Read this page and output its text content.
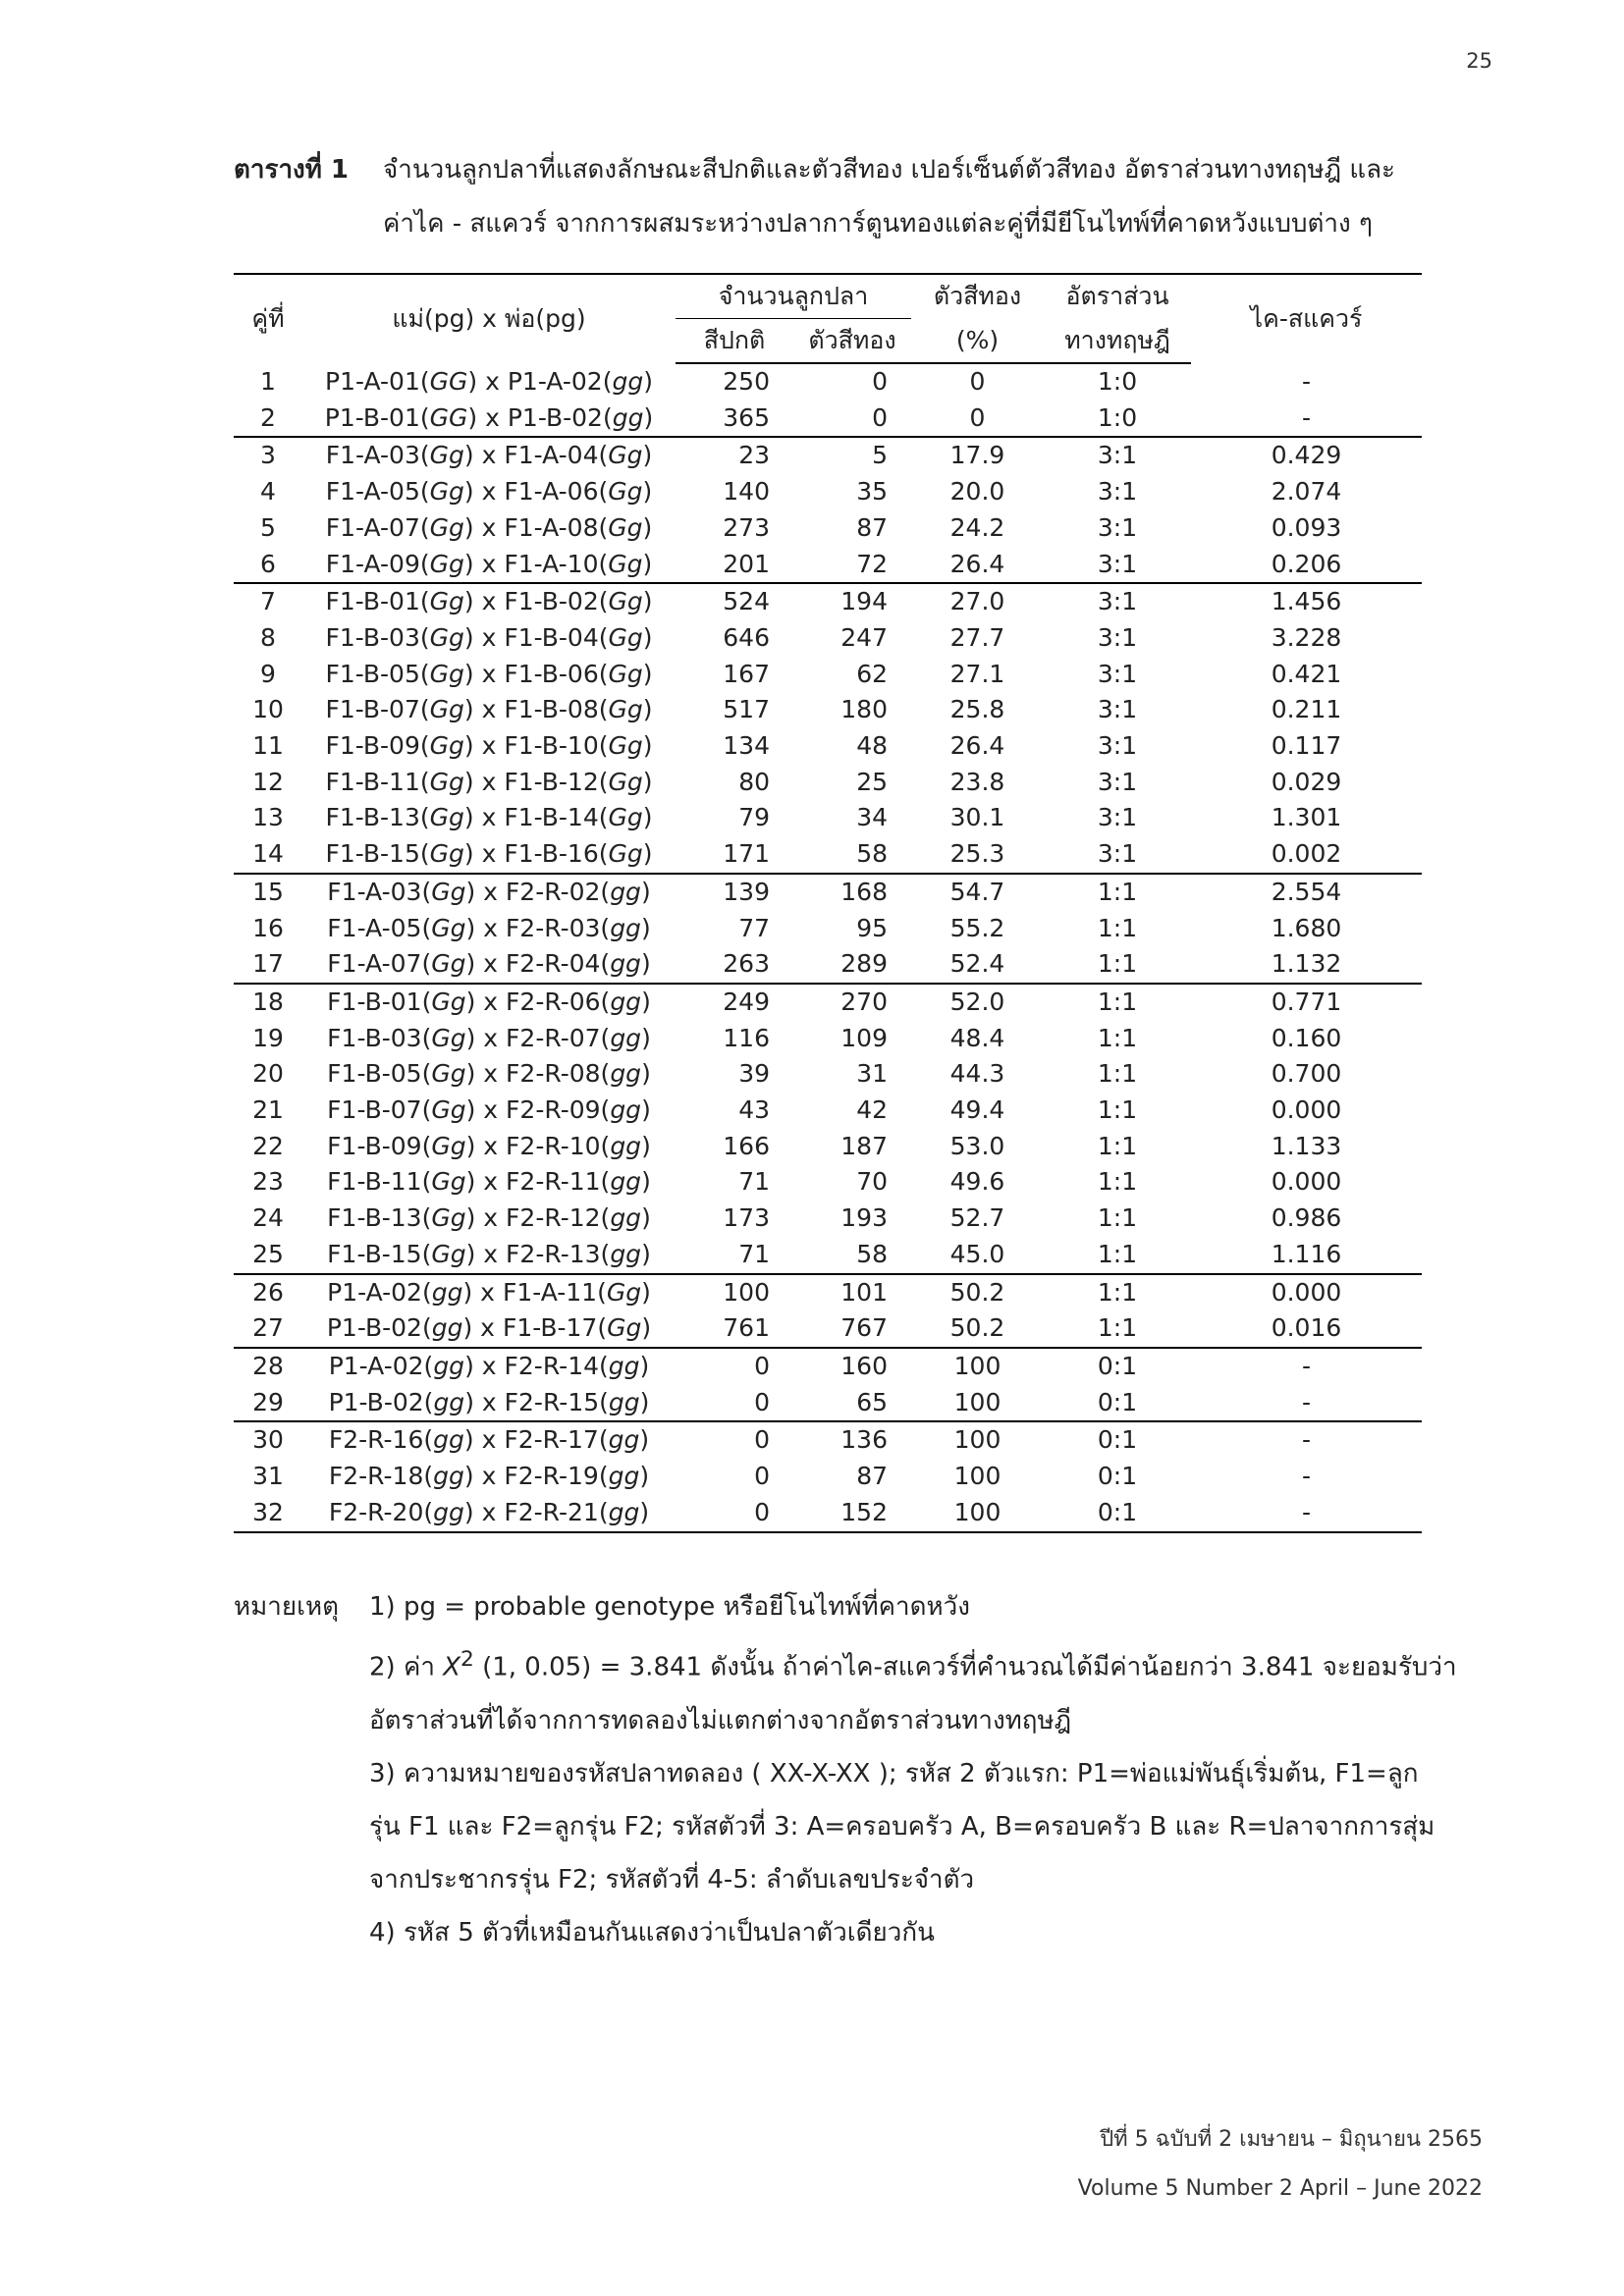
25
ตารางที่ 1 จำนวนลูกปลาที่แสดงลักษณะสีปกติและตัวสีทอง เปอร์เซ็นต์ตัวสีทอง อัตราส่วนทางทฤษฎี และ
ค่าไค - สแควร์ จากการผสมระหว่างปลาการ์ตูนทองแต่ละคู่ที่มียีโนไทพ์ที่คาดหวังแบบต่าง ๆ
คู่ที่	แม่(pg) x พ่อ(pg)	จำนวนลูกปลา		ตัวสีทอง	อัตราส่วน	ไค-สแควร์
		สีปกติ	ตัวสีทอง	(%)	ทางทฤษฎี	
1	P1-A-01(GG) x P1-A-02(gg)	250	0	0	1:0	-
2	P1-B-01(GG) x P1-B-02(gg)	365	0	0	1:0	-
3	F1-A-03(Gg) x F1-A-04(Gg)	23	5	17.9	3:1	0.429
4	F1-A-05(Gg) x F1-A-06(Gg)	140	35	20.0	3:1	2.074
5	F1-A-07(Gg) x F1-A-08(Gg)	273	87	24.2	3:1	0.093
6	F1-A-09(Gg) x F1-A-10(Gg)	201	72	26.4	3:1	0.206
7	F1-B-01(Gg) x F1-B-02(Gg)	524	194	27.0	3:1	1.456
8	F1-B-03(Gg) x F1-B-04(Gg)	646	247	27.7	3:1	3.228
9	F1-B-05(Gg) x F1-B-06(Gg)	167	62	27.1	3:1	0.421
10	F1-B-07(Gg) x F1-B-08(Gg)	517	180	25.8	3:1	0.211
11	F1-B-09(Gg) x F1-B-10(Gg)	134	48	26.4	3:1	0.117
12	F1-B-11(Gg) x F1-B-12(Gg)	80	25	23.8	3:1	0.029
13	F1-B-13(Gg) x F1-B-14(Gg)	79	34	30.1	3:1	1.301
14	F1-B-15(Gg) x F1-B-16(Gg)	171	58	25.3	3:1	0.002
15	F1-A-03(Gg) x F2-R-02(gg)	139	168	54.7	1:1	2.554
16	F1-A-05(Gg) x F2-R-03(gg)	77	95	55.2	1:1	1.680
17	F1-A-07(Gg) x F2-R-04(gg)	263	289	52.4	1:1	1.132
18	F1-B-01(Gg) x F2-R-06(gg)	249	270	52.0	1:1	0.771
19	F1-B-03(Gg) x F2-R-07(gg)	116	109	48.4	1:1	0.160
20	F1-B-05(Gg) x F2-R-08(gg)	39	31	44.3	1:1	0.700
21	F1-B-07(Gg) x F2-R-09(gg)	43	42	49.4	1:1	0.000
22	F1-B-09(Gg) x F2-R-10(gg)	166	187	53.0	1:1	1.133
23	F1-B-11(Gg) x F2-R-11(gg)	71	70	49.6	1:1	0.000
24	F1-B-13(Gg) x F2-R-12(gg)	173	193	52.7	1:1	0.986
25	F1-B-15(Gg) x F2-R-13(gg)	71	58	45.0	1:1	1.116
26	P1-A-02(gg) x F1-A-11(Gg)	100	101	50.2	1:1	0.000
27	P1-B-02(gg) x F1-B-17(Gg)	761	767	50.2	1:1	0.016
28	P1-A-02(gg) x F2-R-14(gg)	0	160	100	0:1	-
29	P1-B-02(gg) x F2-R-15(gg)	0	65	100	0:1	-
30	F2-R-16(gg) x F2-R-17(gg)	0	136	100	0:1	-
31	F2-R-18(gg) x F2-R-19(gg)	0	87	100	0:1	-
32	F2-R-20(gg) x F2-R-21(gg)	0	152	100	0:1	-
หมายเหตุ 1) pg = probable genotype หรือยีโนไทพ์ที่คาดหวัง
2) ค่า $X^2$ (1, 0.05) = 3.841 ดังนั้น ถ้าค่าไค-สแควร์ที่คำนวณได้มีค่าน้อยกว่า 3.841 จะยอมรับว่า
อัตราส่วนที่ได้จากการทดลองไม่แตกต่างจากอัตราส่วนทางทฤษฎี
3) ความหมายของรหัสปลาทดลอง ( XX-X-XX ); รหัส 2 ตัวแรก: P1=พ่อแม่พันธุ์เริ่มต้น, F1=ลูก
รุ่น F1 และ F2=ลูกรุ่น F2; รหัสตัวที่ 3: A=ครอบครัว A, B=ครอบครัว B และ R=ปลาจากการสุ่ม
จากประชากรรุ่น F2; รหัสตัวที่ 4-5: ลำดับเลขประจำตัว
4) รหัส 5 ตัวที่เหมือนกันแสดงว่าเป็นปลาตัวเดียวกัน
ปีที่ 5 ฉบับที่ 2 เมษายน – มิถุนายน 2565
Volume 5 Number 2 April – June 2022
